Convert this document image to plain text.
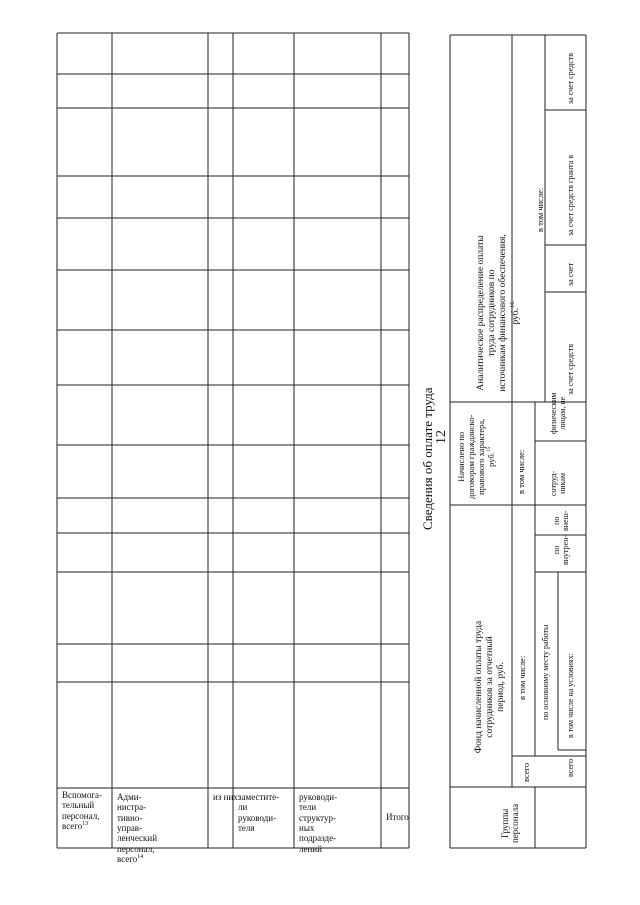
12
Сведения об оплате труда
Вспомога-
тельный
персонал,
всего$^{13}$
Адми-
нистра-
тивно-
управ-
ленческий
персонал,
всего$^{14}$
из них:
заместите-
ли
руководи-
теля
руководи-
тели
структур-
ных
подразде-
лений
Итого	Группы
персонала
Фонд начисленной оплаты труда сотрудников за отчетный
период, руб.
всего
в том числе: по основному месту работы
всего
в том числе на условиях:
по
внутрен-
по
внеш-
Начислено по
договорам гражданско-
правового характера,
руб.$^{15}$
в том числе:	сотруд-
никам
физическим
лицам, не
Аналитическое распределение оплаты труда сотрудников по
источникам финансового обеспечения, руб.$^{16}$
в том числе:
за счет средств
за счет
за счет средств гранта в
за счет средств
